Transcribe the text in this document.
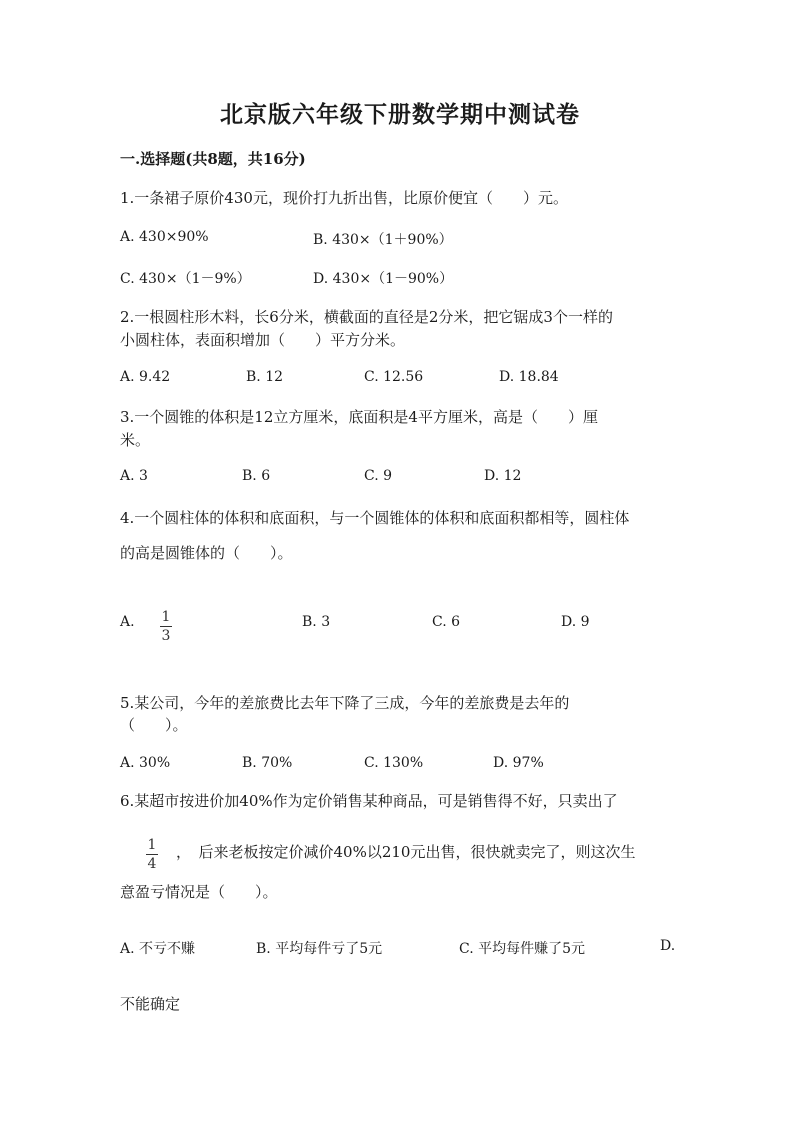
北京版六年级下册数学期中测试卷
一.选择题(共8题，共16分)
1.一条裙子原价430元，现价打九折出售，比原价便宜（　　）元。
A. 430×90%	B. 430×（1＋90%）
C. 430×（1－9%）	D. 430×（1－90%）
2.一根圆柱形木料，长6分米，横截面的直径是2分米，把它锯成3个一样的
小圆柱体，表面积增加（　　）平方分米。
A. 9.42	B. 12	C. 12.56	D. 18.84
3.一个圆锥的体积是12立方厘米，底面积是4平方厘米，高是（　　）厘
米。
A. 3	B. 6	C. 9	D. 12
4.一个圆柱体的体积和底面积，与一个圆锥体的体积和底面积都相等，圆柱体
的高是圆锥体的（　　）。
A. $\frac{1}{3}$	B. 3	C. 6	D. 9
5.某公司，今年的差旅费比去年下降了三成，今年的差旅费是去年的
（　　）。
A. 30%	B. 70%	C. 130%	D. 97%
6.某超市按进价加40%作为定价销售某种商品，可是销售得不好，只卖出了
$\frac{1}{4}$ ，　后来老板按定价减价40%以210元出售，很快就卖完了，则这次生
意盈亏情况是（　　）。
A. 不亏不赚	B. 平均每件亏了5元	C. 平均每件赚了5元	D.
不能确定
